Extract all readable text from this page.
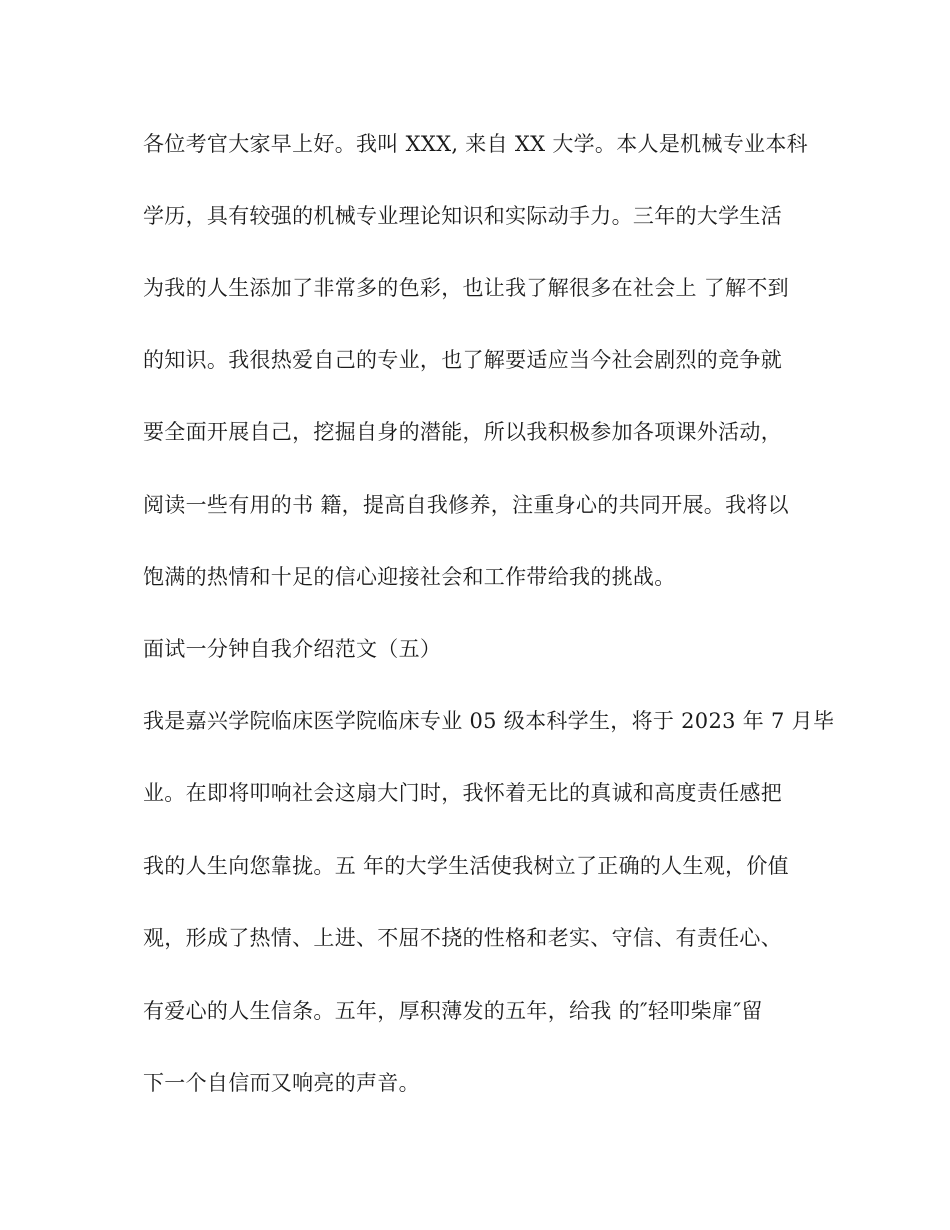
各位考官大家早上好。我叫 XXX, 来自 XX 大学。本人是机械专业本科
学历，具有较强的机械专业理论知识和实际动手力。三年的大学生活
为我的人生添加了非常多的色彩，也让我了解很多在社会上 了解不到
的知识。我很热爱自己的专业，也了解要适应当今社会剧烈的竞争就
要全面开展自己，挖掘自身的潜能，所以我积极参加各项课外活动，
阅读一些有用的书 籍，提高自我修养，注重身心的共同开展。我将以
饱满的热情和十足的信心迎接社会和工作带给我的挑战。
面试一分钟自我介绍范文（五）
我是嘉兴学院临床医学院临床专业 05 级本科学生，将于 2023 年 7 月毕
业。在即将叩响社会这扇大门时，我怀着无比的真诚和高度责任感把
我的人生向您靠拢。五 年的大学生活使我树立了正确的人生观，价值
观，形成了热情、上进、不屈不挠的性格和老实、守信、有责任心、
有爱心的人生信条。五年，厚积薄发的五年，给我 的″轻叩柴扉″留
下一个自信而又响亮的声音。
